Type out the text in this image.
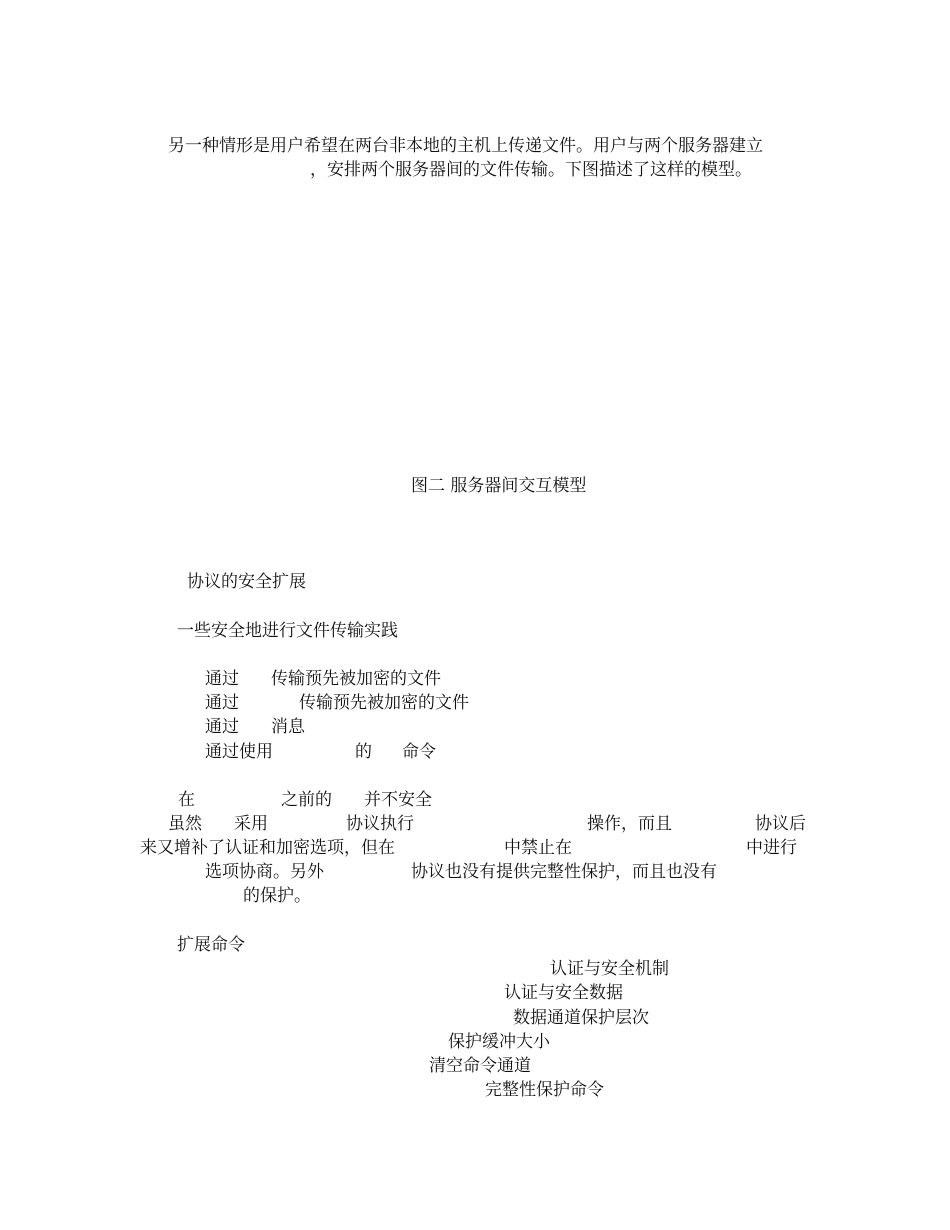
另一种情形是用户希望在两台非本地的主机上传递文件。用户与两个服务器建立
，安排两个服务器间的文件传输。下图描述了这样的模型。
图二 服务器间交互模型
协议的安全扩展
一些安全地进行文件传输实践
通过 传输预先被加密的文件
通过	传输预先被加密的文件
通过 消息
通过使用	的 命令
在	之前的 并不安全
虽然 采用	协议执行	操作，而且	协议后
来又增补了认证和加密选项，但在	中禁止在	中进行
选项协商。另外	协议也没有提供完整性保护，而且也没有
的保护。
扩展命令
认证与安全机制
认证与安全数据
数据通道保护层次
保护缓冲大小
清空命令通道
完整性保护命令
